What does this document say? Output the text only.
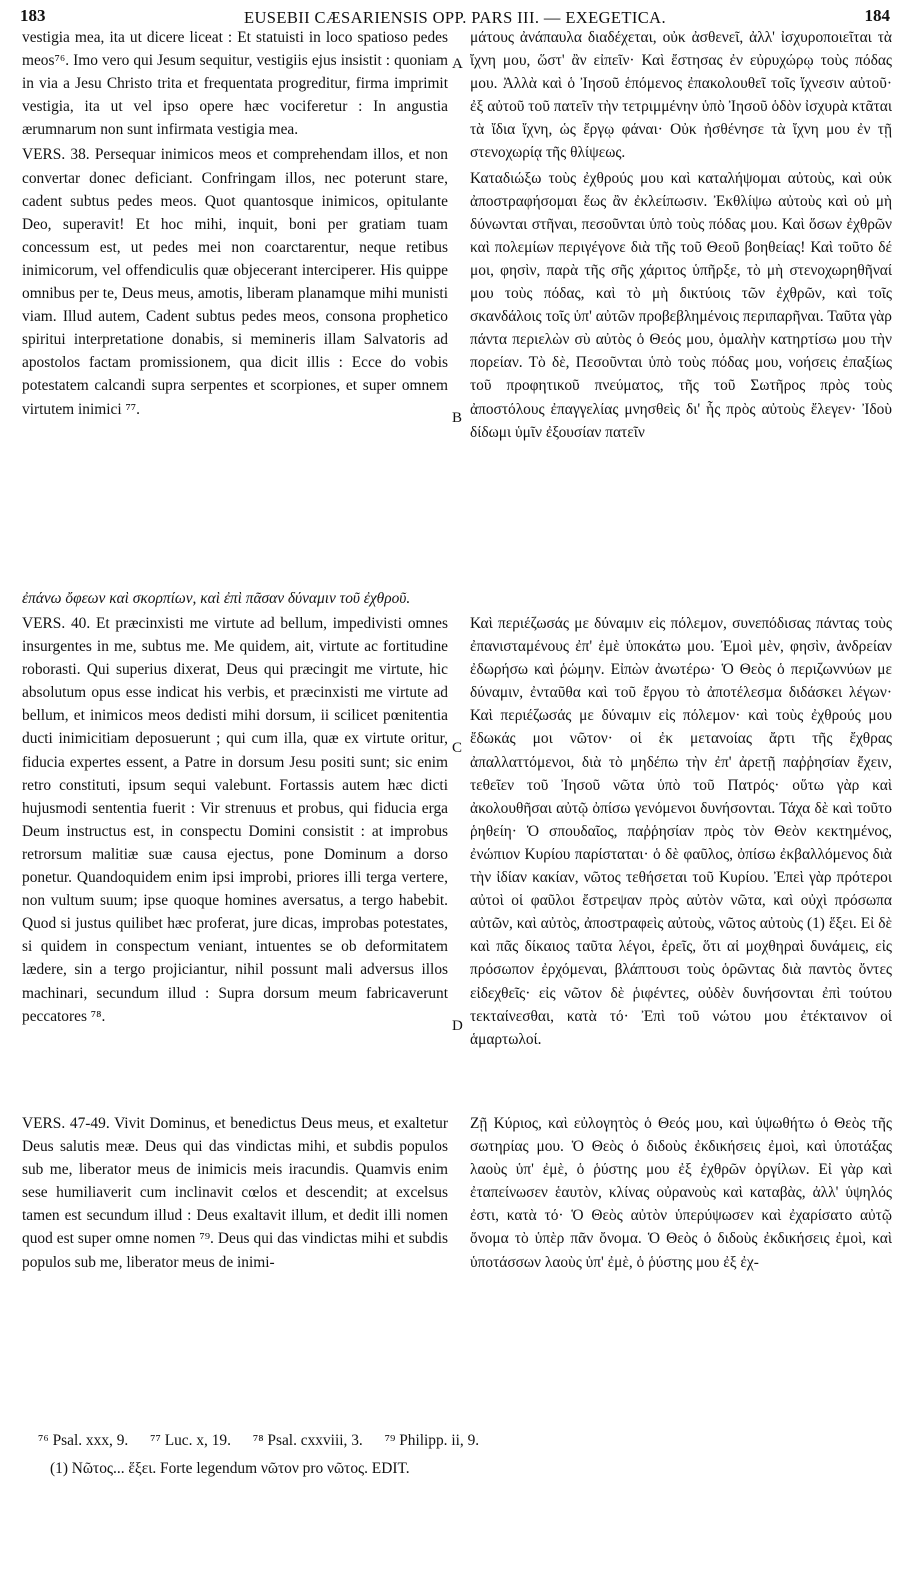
183	EUSEBII CÆSARIENSIS OPP. PARS III. — EXEGETICA.	184
A
B
C
D

vestigia mea, ita ut dicere liceat : Et statuisti in loco spatioso pedes meos⁷⁶. Imo vero qui Jesum sequitur, vestigiis ejus insistit : quoniam in via a Jesu Christo trita et frequentata progreditur, firma imprimit vestigia, ita ut vel ipso opere hæc vociferetur : In angustia ærumnarum non sunt infirmata vestigia mea.

VERS. 38. Persequar inimicos meos et comprehendam illos, et non convertar donec deficiant. Confringam illos, nec poterunt stare, cadent subtus pedes meos. Quot quantosque inimicos, opitulante Deo, superavit! Et hoc mihi, inquit, boni per gratiam tuam concessum est, ut pedes mei non coarctarentur, neque retibus inimicorum, vel offendiculis quæ objecerant interciperer. His quippe omnibus per te, Deus meus, amotis, liberam planamque mihi munisti viam. Illud autem, Cadent subtus pedes meos, consona prophetico spiritui interpretatione donabis, si memineris illam Salvatoris ad apostolos factam promissionem, qua dicit illis : Ecce do vobis potestatem calcandi supra serpentes et scorpiones, et super omnem virtutem inimici ⁷⁷.

μάτους ἀνάπαυλα διαδέχεται, οὐκ ἀσθενεῖ, ἀλλ' ἰσχυροποιεῖται τὰ ἴχνη μου, ὥστ' ἂν εἰπεῖν· Καὶ ἔστησας ἐν εὐρυχώρῳ τοὺς πόδας μου. Ἀλλὰ καὶ ὁ Ἰησοῦ ἑπόμενος ἐπακολουθεῖ τοῖς ἴχνεσιν αὐτοῦ· ἐξ αὐτοῦ τοῦ πατεῖν τὴν τετριμμένην ὑπὸ Ἰησοῦ ὁδὸν ἰσχυρὰ κτᾶται τὰ ἴδια ἴχνη, ὡς ἔργῳ φάναι· Οὐκ ἠσθένησε τὰ ἴχνη μου ἐν τῇ στενοχωρίᾳ τῆς θλίψεως.

Καταδιώξω τοὺς ἐχθρούς μου καὶ καταλήψομαι αὐτοὺς, καὶ οὐκ ἀποστραφήσομαι ἕως ἂν ἐκλείπωσιν. Ἐκθλίψω αὐτοὺς καὶ οὐ μὴ δύνωνται στῆναι, πεσοῦνται ὑπὸ τοὺς πόδας μου. Καὶ ὅσων ἐχθρῶν καὶ πολεμίων περιγέγονε διὰ τῆς τοῦ Θεοῦ βοηθείας! Καὶ τοῦτο δέ μοι, φησὶν, παρὰ τῆς σῆς χάριτος ὑπῆρξε, τὸ μὴ στενοχωρηθῆναί μου τοὺς πόδας, καὶ τὸ μὴ δικτύοις τῶν ἐχθρῶν, καὶ τοῖς σκανδάλοις τοῖς ὑπ' αὐτῶν προβεβλημένοις περιπαρῆναι. Ταῦτα γὰρ πάντα περιελὼν σὺ αὐτὸς ὁ Θεός μου, ὁμαλὴν κατηρτίσω μου τὴν πορείαν. Τὸ δὲ, Πεσοῦνται ὑπὸ τοὺς πόδας μου, νοήσεις ἐπαξίως τοῦ προφητικοῦ πνεύματος, τῆς τοῦ Σωτῆρος πρὸς τοὺς ἀποστόλους ἐπαγγελίας μνησθεὶς δι' ἧς πρὸς αὐτοὺς ἔλεγεν· Ἰδοὺ δίδωμι ὑμῖν ἐξουσίαν πατεῖν

ἐπάνω ὄφεων καὶ σκορπίων, καὶ ἐπὶ πᾶσαν δύναμιν τοῦ ἐχθροῦ.

VERS. 40. Et præcinxisti me virtute ad bellum, impedivisti omnes insurgentes in me, subtus me. Me quidem, ait, virtute ac fortitudine roborasti. Qui superius dixerat, Deus qui præcingit me virtute, hic absolutum opus esse indicat his verbis, et præcinxisti me virtute ad bellum, et inimicos meos dedisti mihi dorsum, ii scilicet pœnitentia ducti inimicitiam deposuerunt ; qui cum illa, quæ ex virtute oritur, fiducia expertes essent, a Patre in dorsum Jesu positi sunt; sic enim retro constituti, ipsum sequi valebunt. Fortassis autem hæc dicti hujusmodi sententia fuerit : Vir strenuus et probus, qui fiducia erga Deum instructus est, in conspectu Domini consistit : at improbus retrorsum malitiæ suæ causa ejectus, pone Dominum a dorso ponetur. Quandoquidem enim ipsi improbi, priores illi terga vertere, non vultum suum; ipse quoque homines aversatus, a tergo habebit. Quod si justus quilibet hæc proferat, jure dicas, improbas potestates, si quidem in conspectum veniant, intuentes se ob deformitatem lædere, sin a tergo projiciantur, nihil possunt mali adversus illos machinari, secundum illud : Supra dorsum meum fabricaverunt peccatores ⁷⁸.

Καὶ περιέζωσάς με δύναμιν εἰς πόλεμον, συνεπόδισας πάντας τοὺς ἐπανισταμένους ἐπ' ἐμὲ ὑποκάτω μου. Ἐμοὶ μὲν, φησὶν, ἀνδρείαν ἐδωρήσω καὶ ῥώμην. Εἰπὼν ἀνωτέρω· Ὁ Θεὸς ὁ περιζωννύων με δύναμιν, ἐνταῦθα καὶ τοῦ ἔργου τὸ ἀποτέλεσμα διδάσκει λέγων· Καὶ περιέζωσάς με δύναμιν εἰς πόλεμον· καὶ τοὺς ἐχθρούς μου ἔδωκάς μοι νῶτον· οἱ ἐκ μετανοίας ἄρτι τῆς ἔχθρας ἀπαλλαττόμενοι, διὰ τὸ μηδέπω τὴν ἐπ' ἀρετῇ παῤῥησίαν ἔχειν, τεθεῖεν τοῦ Ἰησοῦ νῶτα ὑπὸ τοῦ Πατρός· οὕτω γὰρ καὶ ἀκολουθῆσαι αὐτῷ ὀπίσω γενόμενοι δυνήσονται. Τάχα δὲ καὶ τοῦτο ῥηθείη· Ὁ σπουδαῖος, παῤῥησίαν πρὸς τὸν Θεὸν κεκτημένος, ἐνώπιον Κυρίου παρίσταται· ὁ δὲ φαῦλος, ὀπίσω ἐκβαλλόμενος διὰ τὴν ἰδίαν κακίαν, νῶτος τεθήσεται τοῦ Κυρίου. Ἐπεὶ γὰρ πρότεροι αὐτοὶ οἱ φαῦλοι ἔστρεψαν πρὸς αὐτὸν νῶτα, καὶ οὐχὶ πρόσωπα αὐτῶν, καὶ αὐτὸς, ἀποστραφεὶς αὐτοὺς, νῶτος αὐτοὺς (1) ἕξει. Εἰ δὲ καὶ πᾶς δίκαιος ταῦτα λέγοι, ἐρεῖς, ὅτι αἱ μοχθηραὶ δυνάμεις, εἰς πρόσωπον ἐρχόμεναι, βλάπτουσι τοὺς ὁρῶντας διὰ παντὸς ὄντες εἰδεχθεῖς· εἰς νῶτον δὲ ῥιφέντες, οὐδὲν δυνήσονται ἐπὶ τούτου τεκταίνεσθαι, κατὰ τό· Ἐπὶ τοῦ νώτου μου ἐτέκταινον οἱ ἁμαρτωλοί.

VERS. 47-49. Vivit Dominus, et benedictus Deus meus, et exaltetur Deus salutis meæ. Deus qui das vindictas mihi, et subdis populos sub me, liberator meus de inimicis meis iracundis. Quamvis enim sese humiliaverit cum inclinavit cœlos et descendit; at excelsus tamen est secundum illud : Deus exaltavit illum, et dedit illi nomen quod est super omne nomen ⁷⁹. Deus qui das vindictas mihi et subdis populos sub me, liberator meus de inimi-

Ζῇ Κύριος, καὶ εὐλογητὸς ὁ Θεός μου, καὶ ὑψωθήτω ὁ Θεὸς τῆς σωτηρίας μου. Ὁ Θεὸς ὁ διδοὺς ἐκδικήσεις ἐμοὶ, καὶ ὑποτάξας λαοὺς ὑπ' ἐμὲ, ὁ ῥύστης μου ἐξ ἐχθρῶν ὀργίλων. Εἰ γὰρ καὶ ἐταπείνωσεν ἑαυτὸν, κλίνας οὐρανοὺς καὶ καταβὰς, ἀλλ' ὑψηλός ἐστι, κατὰ τό· Ὁ Θεὸς αὐτὸν ὑπερύψωσεν καὶ ἐχαρίσατο αὐτῷ ὄνομα τὸ ὑπὲρ πᾶν ὄνομα. Ὁ Θεὸς ὁ διδοὺς ἐκδικήσεις ἐμοὶ, καὶ ὑποτάσσων λαοὺς ὑπ' ἐμὲ, ὁ ῥύστης μου ἐξ ἐχ-

⁷⁶ Psal. xxx, 9. ⁷⁷ Luc. x, 19. ⁷⁸ Psal. cxxviii, 3. ⁷⁹ Philipp. ii, 9.
(1) Νῶτος... ἕξει. Forte legendum νῶτον pro νῶτος. EDIT.
